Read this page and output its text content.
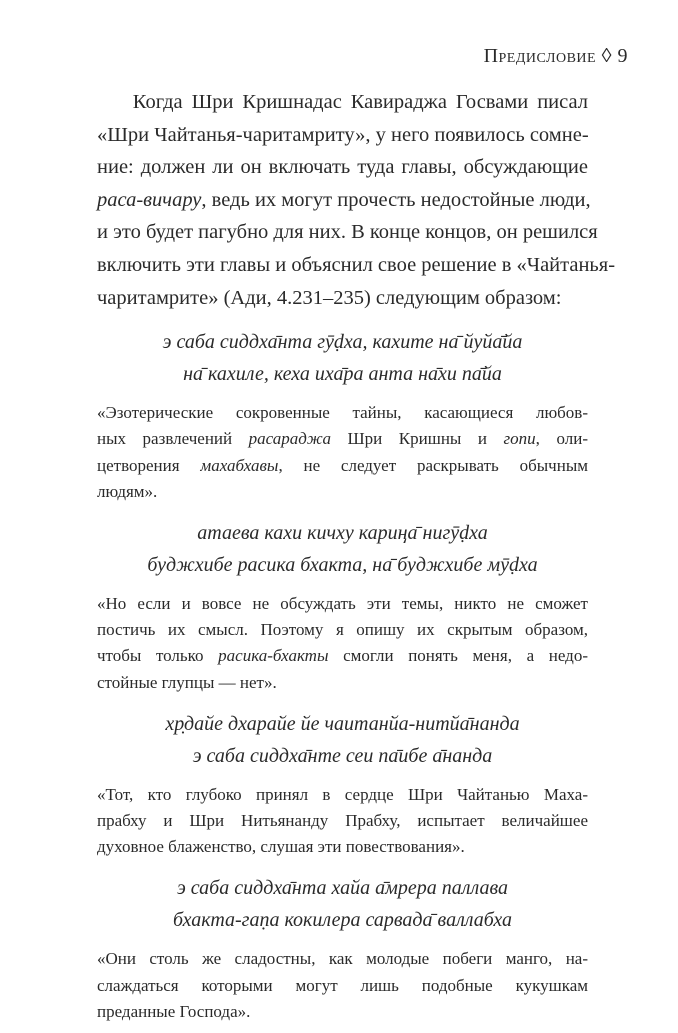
Предисловие ◊ 9
Когда Шри Кришнадас Кавираджа Госвами писал
«Шри Чайтанья-чаритамриту», у него появилось сомне-
ние: должен ли он включать туда главы, обсуждающие
раса-вичару, ведь их могут прочесть недостойные люди,
и это будет пагубно для них. В конце концов, он решился
включить эти главы и объяснил свое решение в «Чайтанья-
чаритамрите» (Ади, 4.231–235) следующим образом:
э саба сиддха̄нта гӯḍха, кахите на̄ йуйа̄йа
на̄ кахиле, кеха иха̄ра анта на̄хи па̄йа
«Эзотерические сокровенные тайны, касающиеся любов-
ных развлечений расараджа Шри Кришны и гопи, оли-
цетворения махабхавы, не следует раскрывать обычным
людям».
атаева кахи кичху кариңа̄ нигӯḍха
буджхибе расика бхакта, на̄ буджхибе мӯḍха
«Но если и вовсе не обсуждать эти темы, никто не сможет
постичь их смысл. Поэтому я опишу их скрытым образом,
чтобы только расика-бхакты смогли понять меня, а недо-
стойные глупцы — нет».
хр̣дайе дхарайе йе чаитанйа-нитйа̄нанда
э саба сиддха̄нте сеи па̄ибе а̄нанда
«Тот, кто глубоко принял в сердце Шри Чайтанью Маха-
прабху и Шри Нитьянанду Прабху, испытает величайшее
духовное блаженство, слушая эти повествования».
э саба сиддха̄нта хайа а̄мрера паллава
бхакта-гаṇа кокилера сарвада̄ валлабха
«Они столь же сладостны, как молодые побеги манго, на-
слаждаться которыми могут лишь подобные кукушкам
преданные Господа».
